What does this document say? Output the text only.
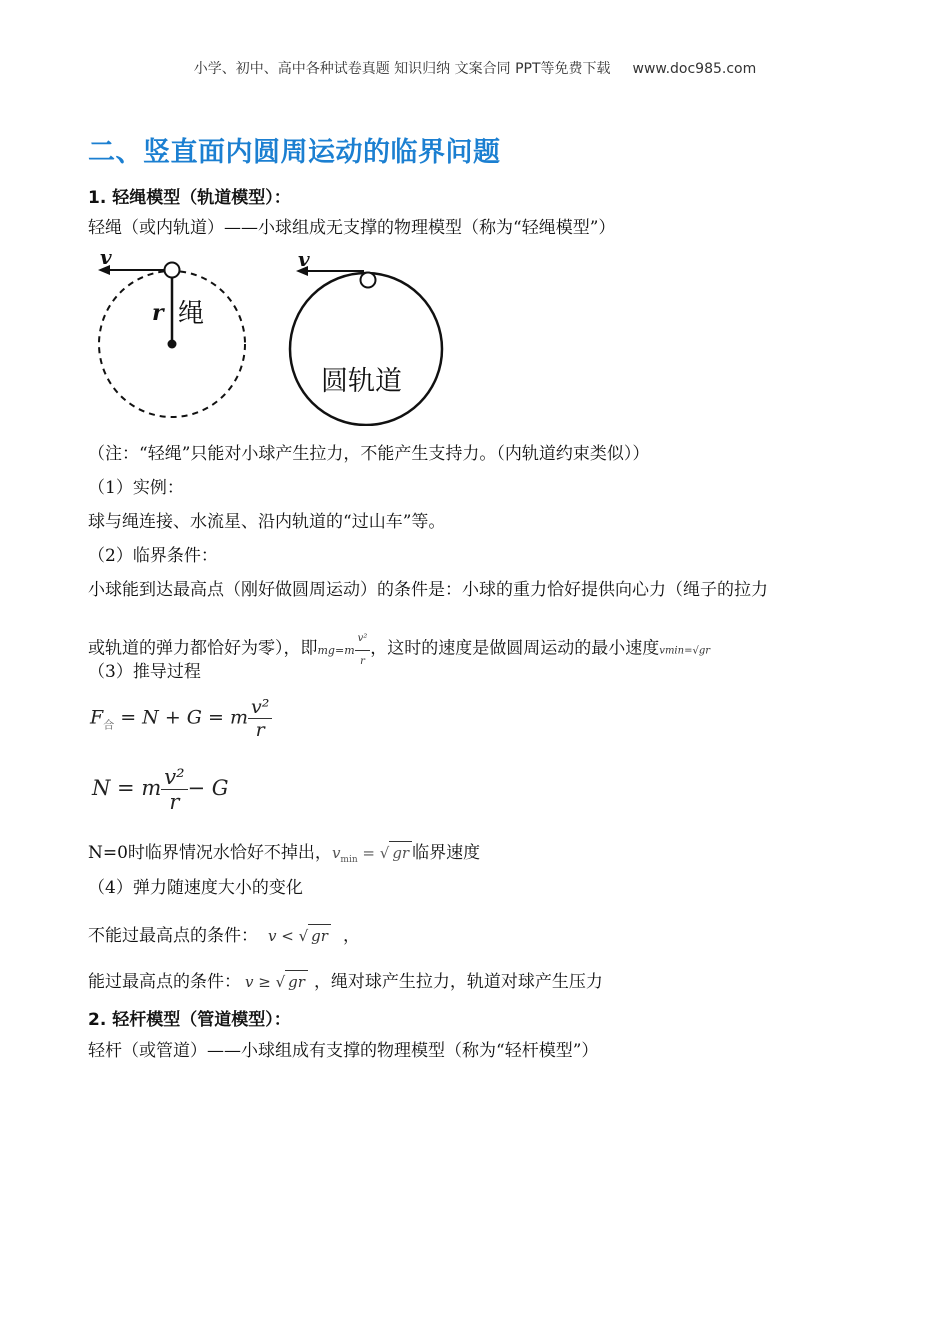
小学、初中、高中各种试卷真题 知识归纳 文案合同 PPT等免费下载 www.doc985.com
二、竖直面内圆周运动的临界问题
1. 轻绳模型（轨道模型）：
轻绳（或内轨道）——小球组成无支撑的物理模型（称为“轻绳模型”）
v
r 绳
v
圆轨道
（注：“轻绳”只能对小球产生拉力，不能产生支持力。（内轨道约束类似））
（1）实例：
球与绳连接、水流星、沿内轨道的“过山车”等。
（2）临界条件：
小球能到达最高点（刚好做圆周运动）的条件是：小球的重力恰好提供向心力（绳子的拉力
或轨道的弹力都恰好为零），即$mg=m \frac{\text{v²}}{r}$ ，这时的速度是做圆周运动的最小速度vmin=√gr
（3）推导过程
$F_合 = N + G = m \frac{\text{v²}}{r}$
N = m $\frac{\text{v²}}{r} - G$
N=0时临界情况水恰好不掉出，$v_{min}$ = √ gr 临界速度
（4）弹力随速度大小的变化
不能过最高点的条件： v < √ gr ，
能过最高点的条件： v ≥ √ gr ，绳对球产生拉力，轨道对球产生压力
2. 轻杆模型（管道模型）：
轻杆（或管道）——小球组成有支撑的物理模型（称为“轻杆模型”）
